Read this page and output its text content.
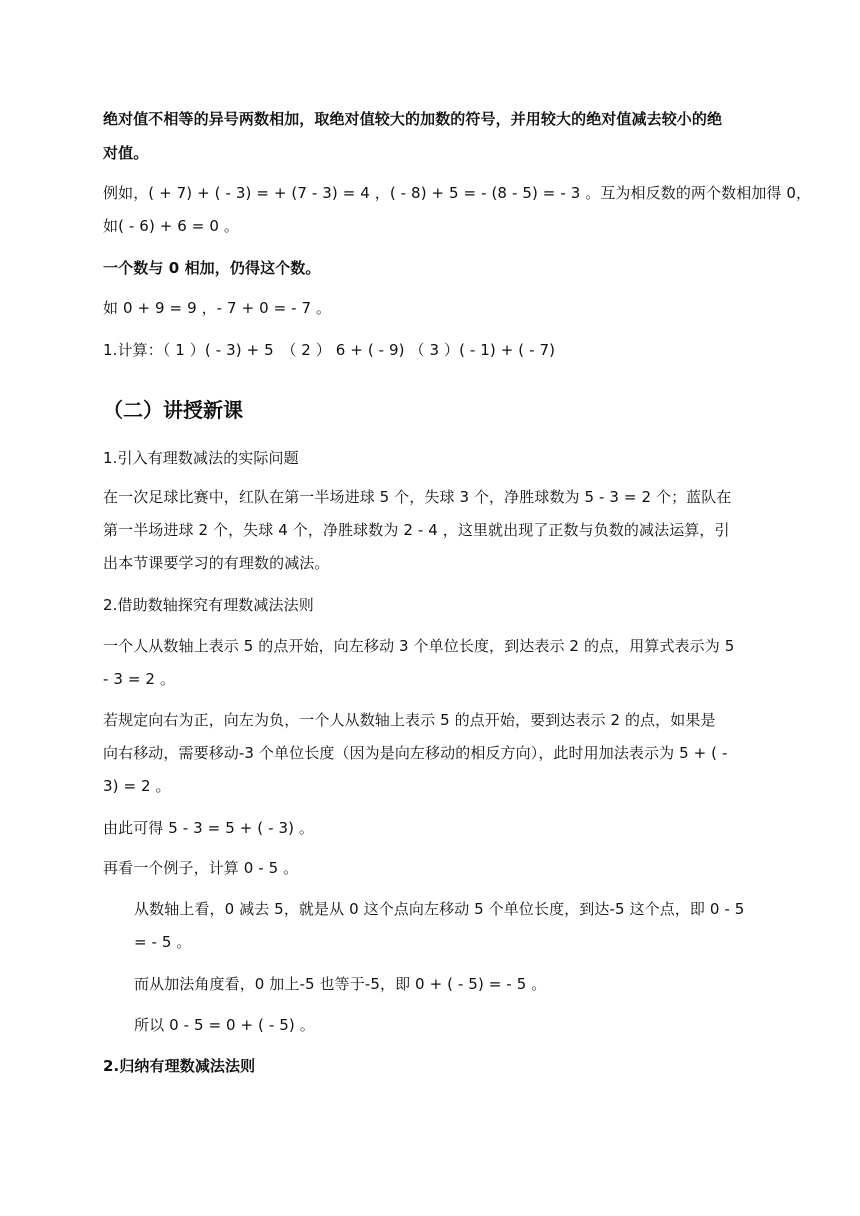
绝对值不相等的异号两数相加，取绝对值较大的加数的符号，并用较大的绝对值减去较小的绝
对值。
例如，( + 7) + ( - 3) = + (7 - 3) = 4 ，( - 8) + 5 = - (8 - 5) = - 3 。互为相反数的两个数相加得 0，
如( - 6) + 6 = 0 。
一个数与 0 相加，仍得这个数。
如 0 + 9 = 9 ，- 7 + 0 = - 7 。
1.计算：（ 1 ）( - 3) + 5　（ 2 ） 6 + ( - 9) （ 3 ）( - 1) + ( - 7)
（二）讲授新课
1.引入有理数减法的实际问题
在一次足球比赛中，红队在第一半场进球 5 个，失球 3 个，净胜球数为 5 - 3 = 2 个；蓝队在
第一半场进球 2 个，失球 4 个，净胜球数为 2 - 4 ，这里就出现了正数与负数的减法运算，引
出本节课要学习的有理数的减法。
2.借助数轴探究有理数减法法则
一个人从数轴上表示 5 的点开始，向左移动 3 个单位长度，到达表示 2 的点，用算式表示为 5
- 3 = 2 。
若规定向右为正，向左为负，一个人从数轴上表示 5 的点开始，要到达表示 2 的点，如果是
向右移动，需要移动-3 个单位长度（因为是向左移动的相反方向），此时用加法表示为 5 + ( -
3) = 2 。
由此可得 5 - 3 = 5 + ( - 3) 。
再看一个例子，计算 0 - 5 。
从数轴上看，0 减去 5，就是从 0 这个点向左移动 5 个单位长度，到达-5 这个点，即 0 - 5
= - 5 。
而从加法角度看，0 加上-5 也等于-5，即 0 + ( - 5) = - 5 。
所以 0 - 5 = 0 + ( - 5) 。
2.归纳有理数减法法则
